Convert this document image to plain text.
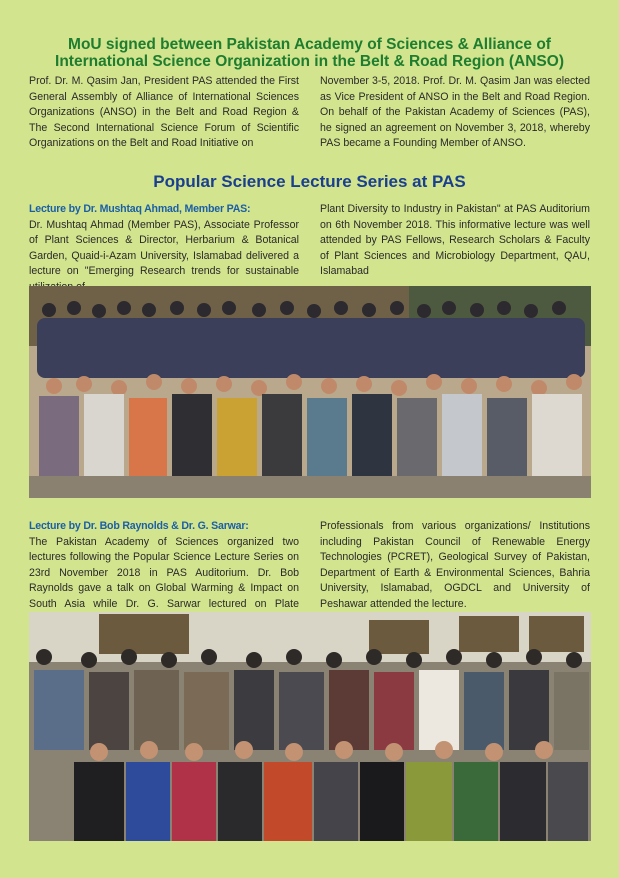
MoU signed between Pakistan Academy of Sciences & Alliance of International Science Organization in the Belt & Road Region (ANSO)

Prof. Dr. M. Qasim Jan, President PAS attended the First General Assembly of Alliance of International Sciences Organizations (ANSO) in the Belt and Road Region & The Second International Science Forum of Scientific Organizations on the Belt and Road Initiative on

November 3-5, 2018. Prof. Dr. M. Qasim Jan was elected as Vice President of ANSO in the Belt and Road Region. On behalf of the Pakistan Academy of Sciences (PAS), he signed an agreement on November 3, 2018, whereby PAS became a Founding Member of ANSO.

Popular Science Lecture Series at PAS
Lecture by Dr. Mushtaq Ahmad, Member PAS:
Dr. Mushtaq Ahmad (Member PAS), Associate Professor of Plant Sciences & Director, Herbarium & Botanical Garden, Quaid-i-Azam University, Islamabad delivered a lecture on "Emerging Research trends for sustainable

Plant Diversity to Industry in Pakistan" at PAS Auditorium on 6th November 2018. This informative lecture was well attended by PAS Fellows, Research Scholars & Faculty of Plant Sciences and Microbiology Department, QAU, Islamabad

Lecture by Dr. Bob Raynolds & Dr. G. Sarwar:
The Pakistan Academy of Sciences organized two lectures following the Popular Science Lecture Series on 23rd November 2018 in PAS Auditorium. Dr. Bob Raynolds gave a talk on Global Warming & Impact on South Asia while Dr. G. Sarwar lectured on Plate

Professionals from various organizations/ Institutions including Pakistan Council of Renewable Energy Technologies (PCRET), Geological Survey of Pakistan, Department of Earth & Environmental Sciences, Bahria University, Islamabad, OGDCL and University of Peshawar attended the lecture.
